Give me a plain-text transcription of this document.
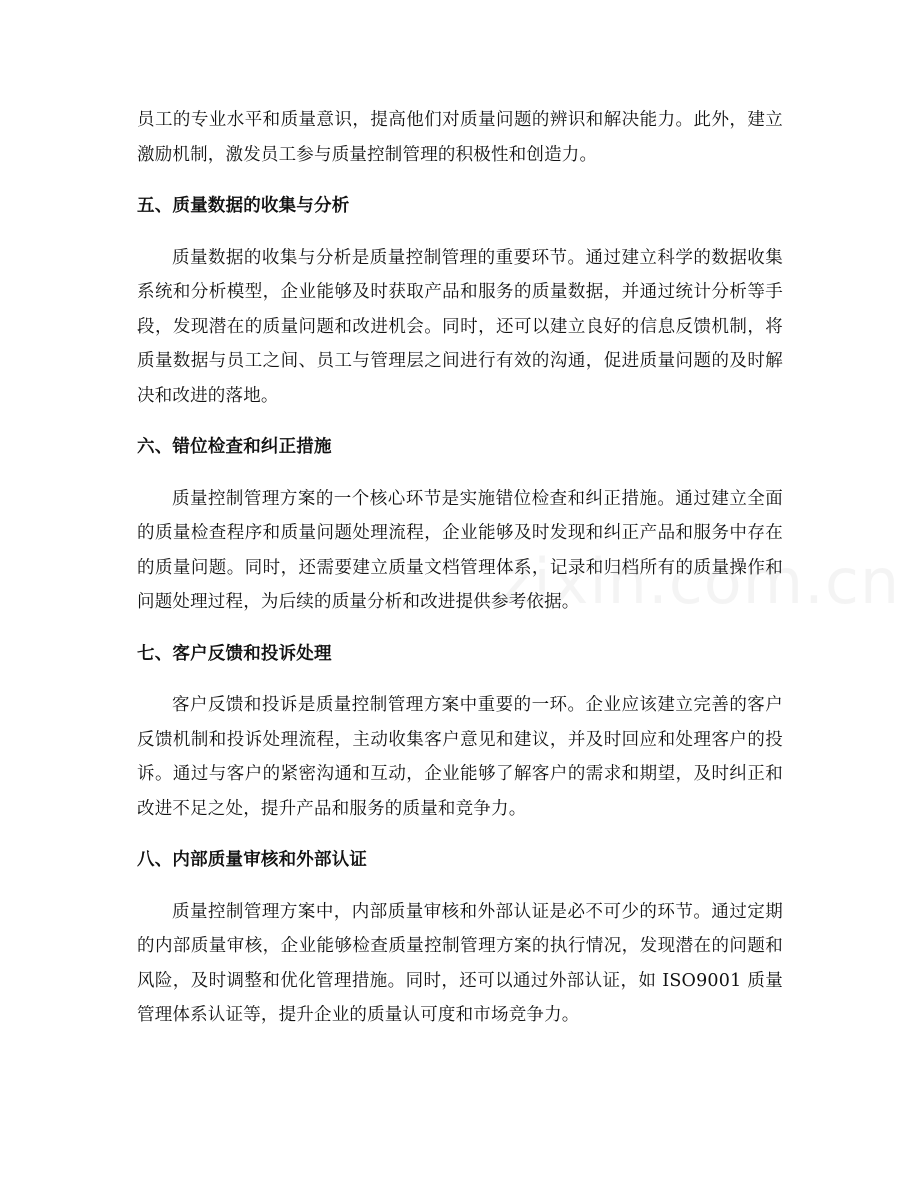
员工的专业水平和质量意识，提高他们对质量问题的辨识和解决能力。此外，建立激励机制，激发员工参与质量控制管理的积极性和创造力。

五、质量数据的收集与分析

质量数据的收集与分析是质量控制管理的重要环节。通过建立科学的数据收集系统和分析模型，企业能够及时获取产品和服务的质量数据，并通过统计分析等手段，发现潜在的质量问题和改进机会。同时，还可以建立良好的信息反馈机制，将质量数据与员工之间、员工与管理层之间进行有效的沟通，促进质量问题的及时解决和改进的落地。

六、错位检查和纠正措施

质量控制管理方案的一个核心环节是实施错位检查和纠正措施。通过建立全面的质量检查程序和质量问题处理流程，企业能够及时发现和纠正产品和服务中存在的质量问题。同时，还需要建立质量文档管理体系，记录和归档所有的质量操作和问题处理过程，为后续的质量分析和改进提供参考依据。

七、客户反馈和投诉处理

客户反馈和投诉是质量控制管理方案中重要的一环。企业应该建立完善的客户反馈机制和投诉处理流程，主动收集客户意见和建议，并及时回应和处理客户的投诉。通过与客户的紧密沟通和互动，企业能够了解客户的需求和期望，及时纠正和改进不足之处，提升产品和服务的质量和竞争力。

八、内部质量审核和外部认证

质量控制管理方案中，内部质量审核和外部认证是必不可少的环节。通过定期的内部质量审核，企业能够检查质量控制管理方案的执行情况，发现潜在的问题和风险，及时调整和优化管理措施。同时，还可以通过外部认证，如 ISO9001 质量管理体系认证等，提升企业的质量认可度和市场竞争力。
